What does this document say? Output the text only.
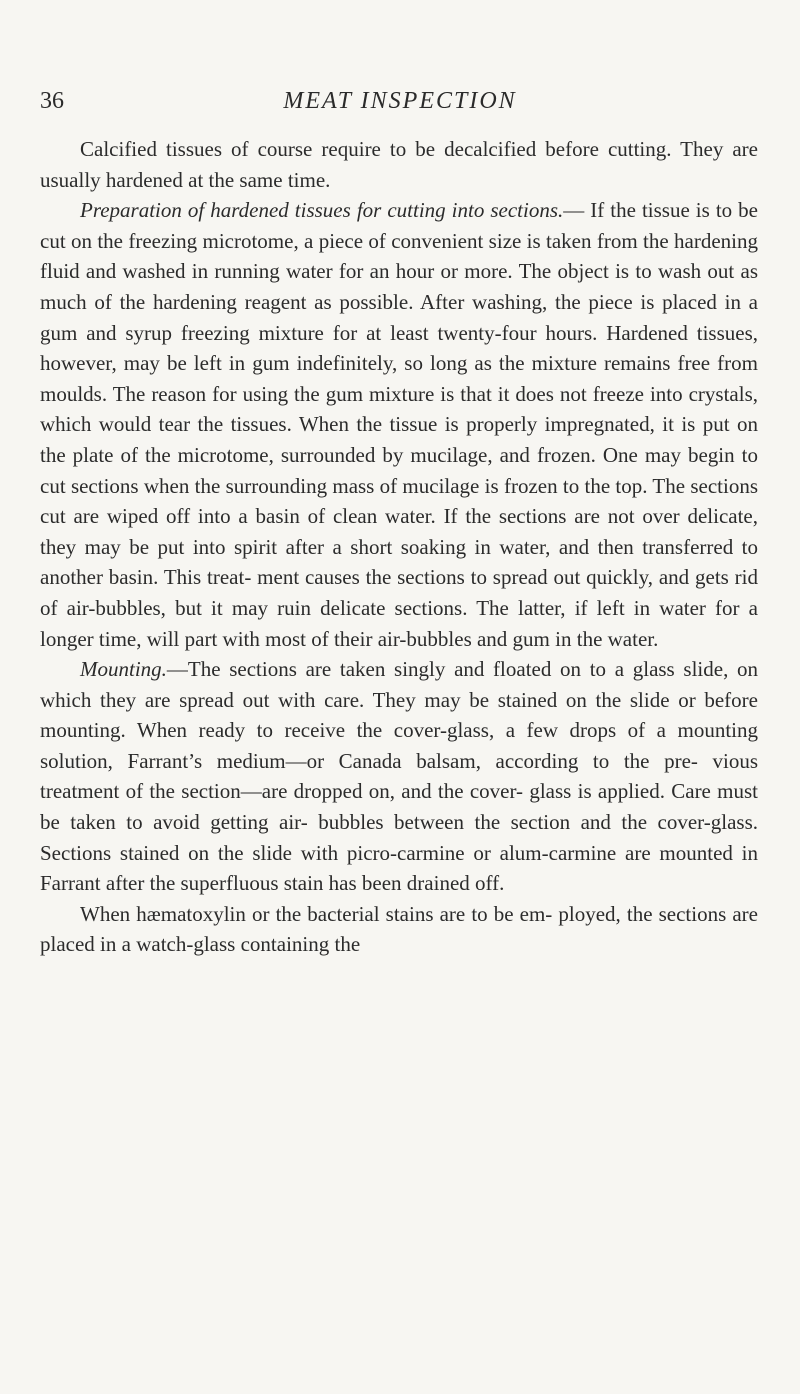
36	MEAT INSPECTION

Calcified tissues of course require to be decalcified before cutting. They are usually hardened at the same time.

Preparation of hardened tissues for cutting into sections.— If the tissue is to be cut on the freezing microtome, a piece of convenient size is taken from the hardening fluid and washed in running water for an hour or more. The object is to wash out as much of the hardening reagent as possible. After washing, the piece is placed in a gum and syrup freezing mixture for at least twenty-four hours. Hardened tissues, however, may be left in gum indefinitely, so long as the mixture remains free from moulds. The reason for using the gum mixture is that it does not freeze into crystals, which would tear the tissues. When the tissue is properly impregnated, it is put on the plate of the microtome, surrounded by mucilage, and frozen. One may begin to cut sections when the surrounding mass of mucilage is frozen to the top. The sections cut are wiped off into a basin of clean water. If the sections are not over delicate, they may be put into spirit after a short soaking in water, and then transferred to another basin. This treat- ment causes the sections to spread out quickly, and gets rid of air-bubbles, but it may ruin delicate sections. The latter, if left in water for a longer time, will part with most of their air-bubbles and gum in the water.

Mounting.—The sections are taken singly and floated on to a glass slide, on which they are spread out with care. They may be stained on the slide or before mounting. When ready to receive the cover-glass, a few drops of a mounting solution, Farrant’s medium—or Canada balsam, according to the pre- vious treatment of the section—are dropped on, and the cover- glass is applied. Care must be taken to avoid getting air- bubbles between the section and the cover-glass. Sections stained on the slide with picro-carmine or alum-carmine are mounted in Farrant after the superfluous stain has been drained off.

When hæmatoxylin or the bacterial stains are to be em- ployed, the sections are placed in a watch-glass containing the
